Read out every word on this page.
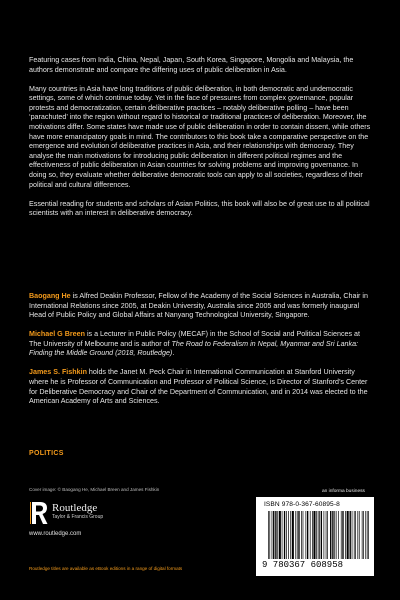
Featuring cases from India, China, Nepal, Japan, South Korea, Singapore, Mongolia and Malaysia, the authors demonstrate and compare the differing uses of public deliberation in Asia.

Many countries in Asia have long traditions of public deliberation, in both democratic and undemocratic settings, some of which continue today. Yet in the face of pressures from complex governance, popular protests and democratization, certain deliberative practices – notably deliberative polling – have been ‘parachuted’ into the region without regard to historical or traditional practices of deliberation. Moreover, the motivations differ. Some states have made use of public deliberation in order to contain dissent, while others have more emancipatory goals in mind. The contributors to this book take a comparative perspective on the emergence and evolution of deliberative practices in Asia, and their relationships with democracy. They analyse the main motivations for introducing public deliberation in different political regimes and the effectiveness of public deliberation in Asian countries for solving problems and improving governance. In doing so, they evaluate whether deliberative democratic tools can apply to all societies, regardless of their political and cultural differences.

Essential reading for students and scholars of Asian Politics, this book will also be of great use to all political scientists with an interest in deliberative democracy.

Baogang He is Alfred Deakin Professor, Fellow of the Academy of the Social Sciences in Australia, Chair in International Relations since 2005, at Deakin University, Australia since 2005 and was formerly inaugural Head of Public Policy and Global Affairs at Nanyang Technological University, Singapore.

Michael G Breen is a Lecturer in Public Policy (MECAF) in the School of Social and Political Sciences at The University of Melbourne and is author of The Road to Federalism in Nepal, Myanmar and Sri Lanka: Finding the Middle Ground (2018, Routledge).

James S. Fishkin holds the Janet M. Peck Chair in International Communication at Stanford University where he is Professor of Communication and Professor of Political Science, is Director of Stanford’s Center for Deliberative Democracy and Chair of the Department of Communication, and in 2014 was elected to the American Academy of Arts and Sciences.

POLITICS
Cover image: © Baogang He, Michael Breen and James Fishkin
Routledge
Taylor & Francis Group
www.routledge.com
Routledge titles are available as eBook editions in a range of digital formats
an informa business
ISBN 978-0-367-60895-8
9 780367 608958
